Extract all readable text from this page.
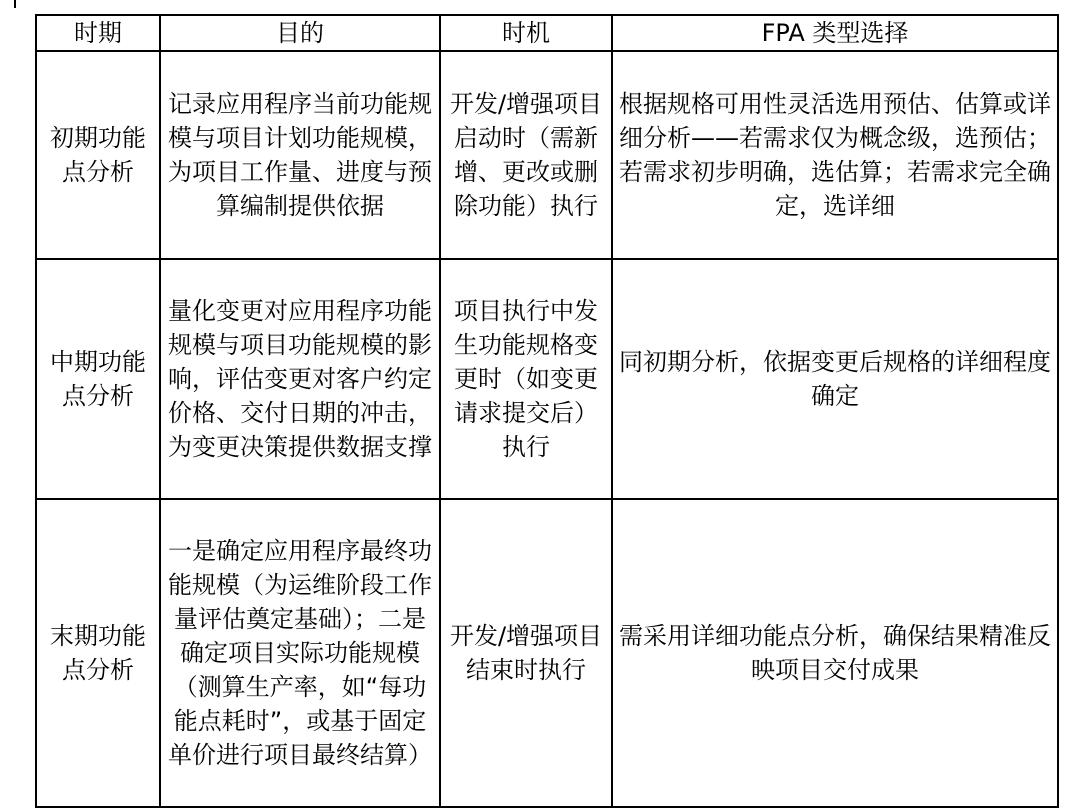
时期	目的	时机	FPA 类型选择
初期功能点分析	记录应用程序当前功能规模与项目计划功能规模，为项目工作量、进度与预算编制提供依据	开发/增强项目启动时（需新增、更改或删除功能）执行	根据规格可用性灵活选用预估、估算或详细分析——若需求仅为概念级，选预估；若需求初步明确，选估算；若需求完全确定，选详细
中期功能点分析	量化变更对应用程序功能规模与项目功能规模的影响，评估变更对客户约定价格、交付日期的冲击，为变更决策提供数据支撑	项目执行中发生功能规格变更时（如变更请求提交后）执行	同初期分析，依据变更后规格的详细程度确定
末期功能点分析	一是确定应用程序最终功能规模（为运维阶段工作量评估奠定基础）；二是确定项目实际功能规模（测算生产率，如“每功能点耗时”，或基于固定单价进行项目最终结算）	开发/增强项目结束时执行	需采用详细功能点分析，确保结果精准反映项目交付成果
